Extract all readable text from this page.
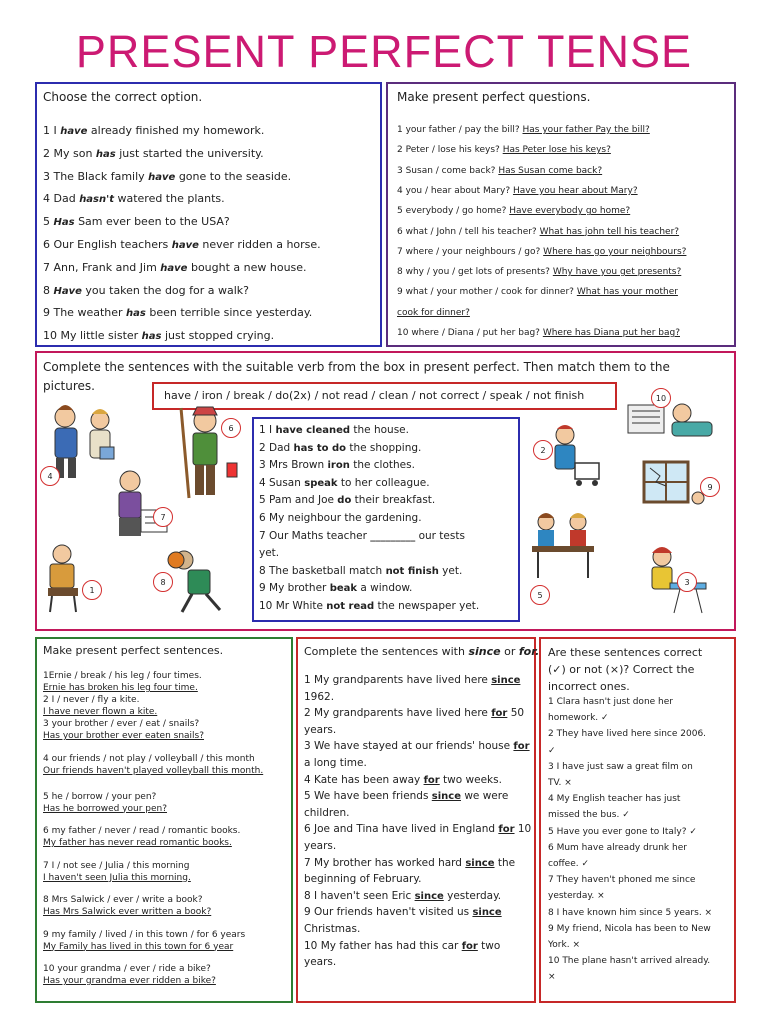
PRESENT PERFECT TENSE
Choose the correct option.
1 I have already finished my homework.
2 My son has just started the university.
3 The Black family have gone to the seaside.
4 Dad hasn't watered the plants.
5 Has Sam ever been to the USA?
6 Our English teachers have never ridden a horse.
7 Ann, Frank and Jim have bought a new house.
8 Have you taken the dog for a walk?
9 The weather has been terrible since yesterday.
10 My little sister has just stopped crying.
Make present perfect questions.
1 your father / pay the bill? Has your father Pay the bill?
2 Peter / lose his keys? Has Peter lose his keys?
3 Susan / come back? Has Susan come back?
4 you / hear about Mary? Have you hear about Mary?
5 everybody / go home? Have everybody go home?
6 what / John / tell his teacher? What has john tell his teacher?
7 where / your neighbours / go? Where has go your neighbours?
8 why / you / get lots of presents? Why have you get presents?
9 what / your mother / cook for dinner? What has your mother
cook for dinner?
10 where / Diana / put her bag? Where has Diana put her bag?
Complete the sentences with the suitable verb from the box in present perfect. Then match them to the
pictures.
have / iron / break / do(2x) / not read / clean / not correct / speak / not finish
1 I have cleaned the house.
2 Dad has to do the shopping.
3 Mrs Brown iron the clothes.
4 Susan speak to her colleague.
5 Pam and Joe do their breakfast.
6 My neighbour the gardening.
7 Our Maths teacher _________ our tests
yet.
8 The basketball match not finish yet.
9 My brother beak a window.
10 Mr White not read the newspaper yet.
1
2
3
4
5
6
7
8
9
10
Make present perfect sentences.
1Ernie / break / his leg / four times.
Ernie has broken his leg four time.
2 I / never / fly a kite.
I have never flown a kite.
3 your brother / ever / eat / snails?
Has your brother ever eaten snails?
4 our friends / not play / volleyball / this month
Our friends haven't played volleyball this month.
5 he / borrow / your pen?
Has he borrowed your pen?
6 my father / never / read / romantic books.
My father has never read romantic books.
7 I / not see / Julia / this morning
I haven't seen Julia this morning.
8 Mrs Salwick / ever / write a book?
Has Mrs Salwick ever written a book?
9 my family / lived / in this town / for 6 years
My Family has lived in this town for 6 year
10 your grandma / ever / ride a bike?
Has your grandma ever ridden a bike?
Complete the sentences with since or for.
1 My grandparents have lived here since
1962.
2 My grandparents have lived here for 50
years.
3 We have stayed at our friends' house for
a long time.
4 Kate has been away for two weeks.
5 We have been friends since we were
children.
6 Joe and Tina have lived in England for 10
years.
7 My brother has worked hard since the
beginning of February.
8 I haven't seen Eric since yesterday.
9 Our friends haven't visited us since
Christmas.
10 My father has had this car for two
years.
Are these sentences correct
(✓) or not (×)? Correct the
incorrect ones.
1 Clara hasn't just done her
homework. ✓
2 They have lived here since 2006.
✓
3 I have just saw a great film on
TV. ×
4 My English teacher has just
missed the bus. ✓
5 Have you ever gone to Italy? ✓
6 Mum have already drunk her
coffee. ✓
7 They haven't phoned me since
yesterday. ×
8 I have known him since 5 years. ×
9 My friend, Nicola has been to New
York. ×
10 The plane hasn't arrived already.
×
